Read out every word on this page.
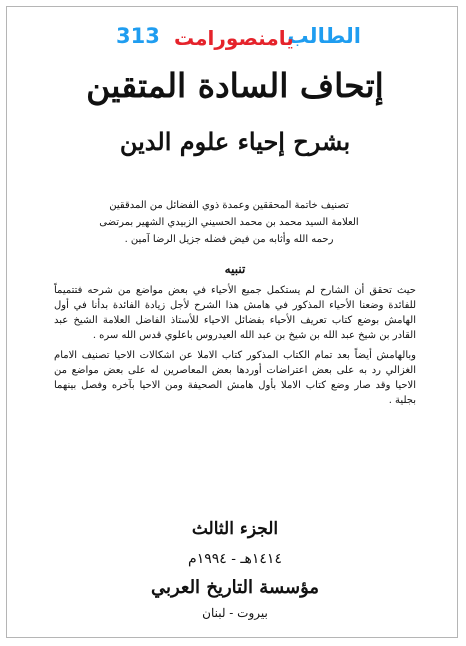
الطالب
يامنصورامت
313
إتحاف السادة المتقين
بشرح إحياء علوم الدين
تصنيف خاتمة المحققين وعمدة ذوي الفضائل من المدققين
العلامة السيد محمد بن محمد الحسيني الزبيدي الشهير بمرتضى
رحمه الله وأثابه من فيض فضله جزيل الرضا آمين .
تنبيه

حيث تحقق أن الشارح لم يستكمل جميع الأحياء في بعض مواضع من شرحه فتتميماً للفائدة وضعنا الأحياء المذكور في هامش هذا الشرح لأجل زيادة الفائدة بدأنا في أول الهامش بوضع كتاب تعريف الأحياء بفضائل الاحياء للأستاذ الفاضل العلامة الشيخ عبد القادر بن شيخ عبد الله بن شيخ بن عبد الله العيدروس باعلوي قدس الله سره .

وبالهامش أيضاً بعد تمام الكتاب المذكور كتاب الاملا عن اشكالات الاحيا تصنيف الامام الغزالي رد به على بعض اعتراضات أوردها بعض المعاصرين له على بعض مواضع من الاحيا وقد صار وضع كتاب الاملا بأول هامش الصحيفة ومن الاحيا بآخره وفصل بينهما بجلية .

الجزء الثالث
١٤١٤هـ - ١٩٩٤م
مؤسسة التاريخ العربي
بيروت - لبنان
